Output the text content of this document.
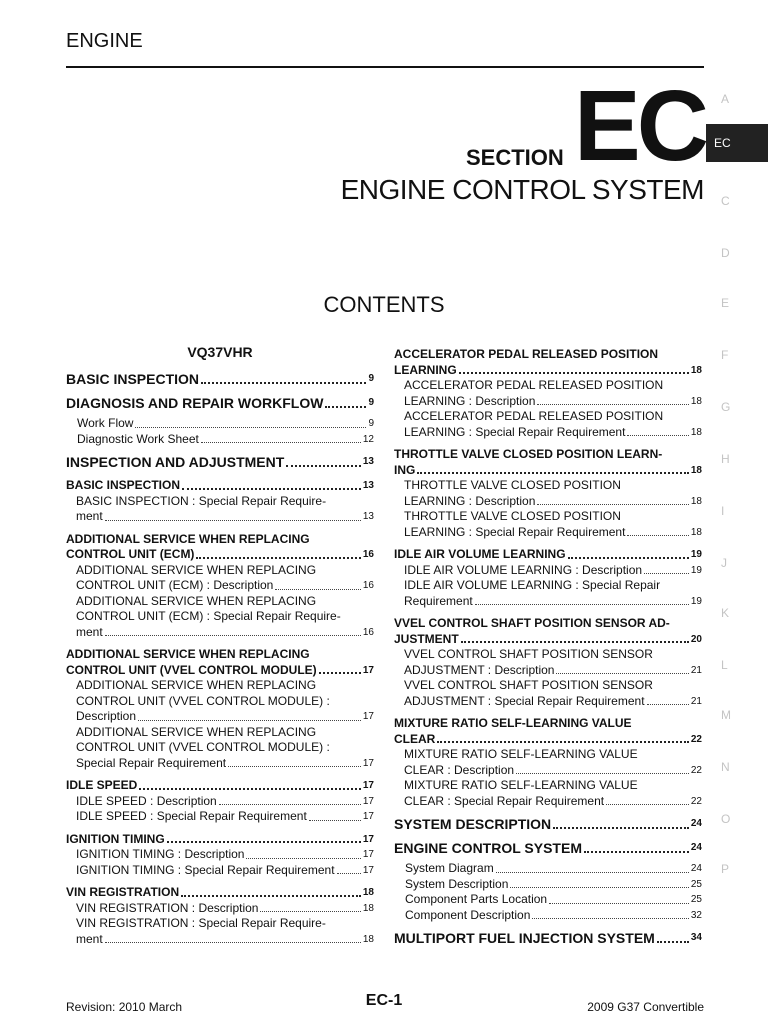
ENGINE
SECTION EC
ENGINE CONTROL SYSTEM
A
EC
C
D
E
F
G
H
I
J
K
L
M
N
O
P
CONTENTS
VQ37VHR
BASIC INSPECTION	9
DIAGNOSIS AND REPAIR WORKFLOW	9
Work Flow	9
Diagnostic Work Sheet	12
INSPECTION AND ADJUSTMENT	13
BASIC INSPECTION	13
BASIC INSPECTION : Special Repair Require-
ment	13
ADDITIONAL SERVICE WHEN REPLACING
CONTROL UNIT (ECM)	16
ADDITIONAL SERVICE WHEN REPLACING
CONTROL UNIT (ECM) : Description	16
ADDITIONAL SERVICE WHEN REPLACING
CONTROL UNIT (ECM) : Special Repair Require-
ment	16
ADDITIONAL SERVICE WHEN REPLACING
CONTROL UNIT (VVEL CONTROL MODULE)	17
ADDITIONAL SERVICE WHEN REPLACING
CONTROL UNIT (VVEL CONTROL MODULE) :
Description	17
ADDITIONAL SERVICE WHEN REPLACING
CONTROL UNIT (VVEL CONTROL MODULE) :
Special Repair Requirement	17
IDLE SPEED	17
IDLE SPEED : Description	17
IDLE SPEED : Special Repair Requirement	17
IGNITION TIMING	17
IGNITION TIMING : Description	17
IGNITION TIMING : Special Repair Requirement	17
VIN REGISTRATION	18
VIN REGISTRATION : Description	18
VIN REGISTRATION : Special Repair Require-
ment	18
ACCELERATOR PEDAL RELEASED POSITION
LEARNING	18
ACCELERATOR PEDAL RELEASED POSITION
LEARNING : Description	18
ACCELERATOR PEDAL RELEASED POSITION
LEARNING : Special Repair Requirement	18
THROTTLE VALVE CLOSED POSITION LEARN-
ING	18
THROTTLE VALVE CLOSED POSITION
LEARNING : Description	18
THROTTLE VALVE CLOSED POSITION
LEARNING : Special Repair Requirement	18
IDLE AIR VOLUME LEARNING	19
IDLE AIR VOLUME LEARNING : Description	19
IDLE AIR VOLUME LEARNING : Special Repair
Requirement	19
VVEL CONTROL SHAFT POSITION SENSOR AD-
JUSTMENT	20
VVEL CONTROL SHAFT POSITION SENSOR
ADJUSTMENT : Description	21
VVEL CONTROL SHAFT POSITION SENSOR
ADJUSTMENT : Special Repair Requirement	21
MIXTURE RATIO SELF-LEARNING VALUE
CLEAR	22
MIXTURE RATIO SELF-LEARNING VALUE
CLEAR : Description	22
MIXTURE RATIO SELF-LEARNING VALUE
CLEAR : Special Repair Requirement	22
SYSTEM DESCRIPTION	24
ENGINE CONTROL SYSTEM	24
System Diagram	24
System Description	25
Component Parts Location	25
Component Description	32
MULTIPORT FUEL INJECTION SYSTEM	34
Revision: 2010 March	EC-1	2009 G37 Convertible
